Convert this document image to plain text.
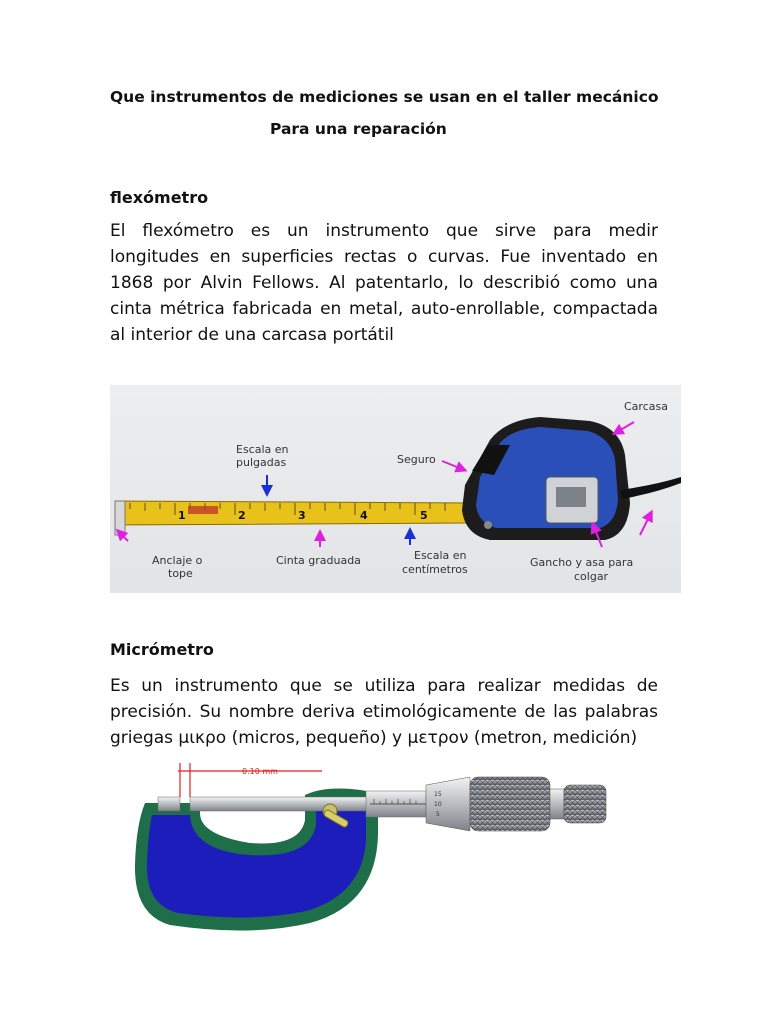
Que instrumentos de mediciones se usan en el taller mecánico
Para una reparación
flexómetro
El flexómetro es un instrumento que sirve para medir longitudes en superficies rectas o curvas. Fue inventado en 1868 por Alvin Fellows. Al patentarlo, lo describió como una cinta métrica fabricada en metal, auto-enrollable, compactada al interior de una carcasa portátil
1	2	3	4	5
Carcasa
Seguro
Escala en
pulgadas
Anclaje o
tope
Cinta graduada	Escala en
centímetros
Gancho y asa para
colgar
Micrómetro
Es un instrumento que se utiliza para realizar medidas de precisión. Su nombre deriva etimológicamente de las palabras griegas μικρο (micros, pequeño) y μετρον (metron, medición)
0.10 mm
15
10
5
